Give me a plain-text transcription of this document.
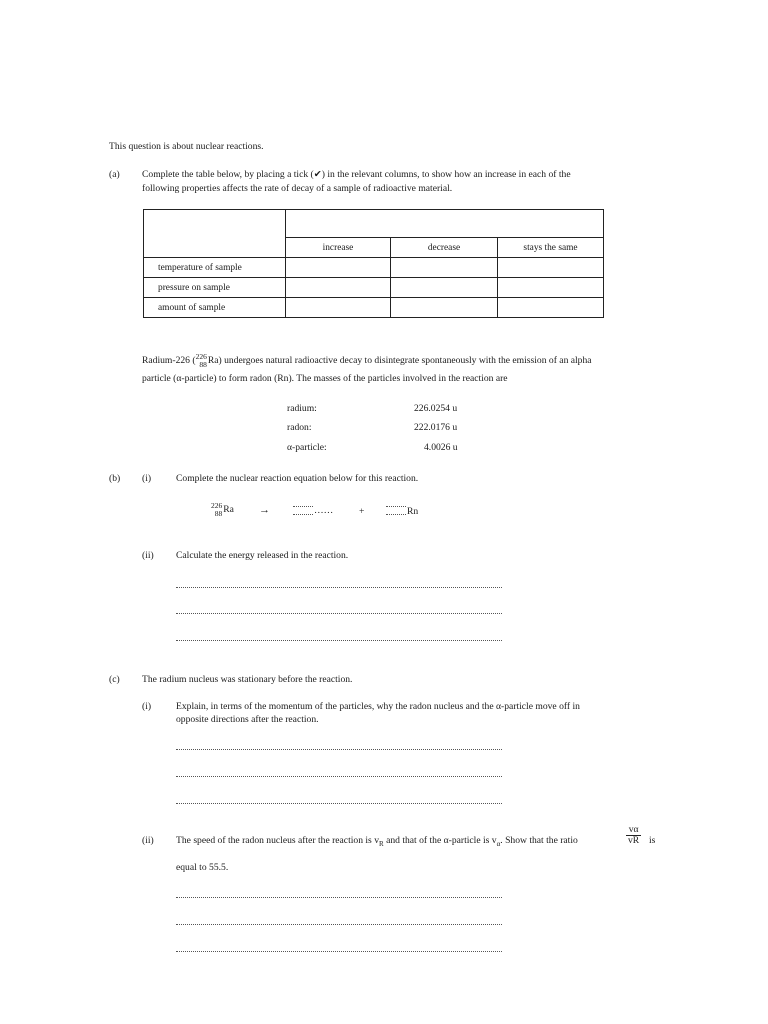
This question is about nuclear reactions.
(a) Complete the table below, by placing a tick (✔) in the relevant columns, to show how an increase in each of the
following properties affects the rate of decay of a sample of radioactive material.

	increase	decrease	stays the same
temperature of sample			
pressure on sample			
amount of sample			
Radium-226 ( 226
88 Ra) undergoes natural radioactive decay to disintegrate spontaneously with the emission of an alpha
particle (α-particle) to form radon (Rn). The masses of the particles involved in the reaction are
radium:	226.0254 u
radon:	222.0176 u
α-particle:	4.0026 u
(b) (i)	Complete the nuclear reaction equation below for this reaction.
226
88 Ra →	……	+	Rn
(ii) Calculate the energy released in the reaction.
(c) The radium nucleus was stationary before the reaction.
(i)	Explain, in terms of the momentum of the particles, why the radon nucleus and the α-particle move off in
opposite directions after the reaction.
(ii) The speed of the radon nucleus after the reaction is $v_R$ and that of the α-particle is $v_\alpha$. Show that the ratio	$\frac{v\alpha}{vR}$ is
equal to 55.5.
